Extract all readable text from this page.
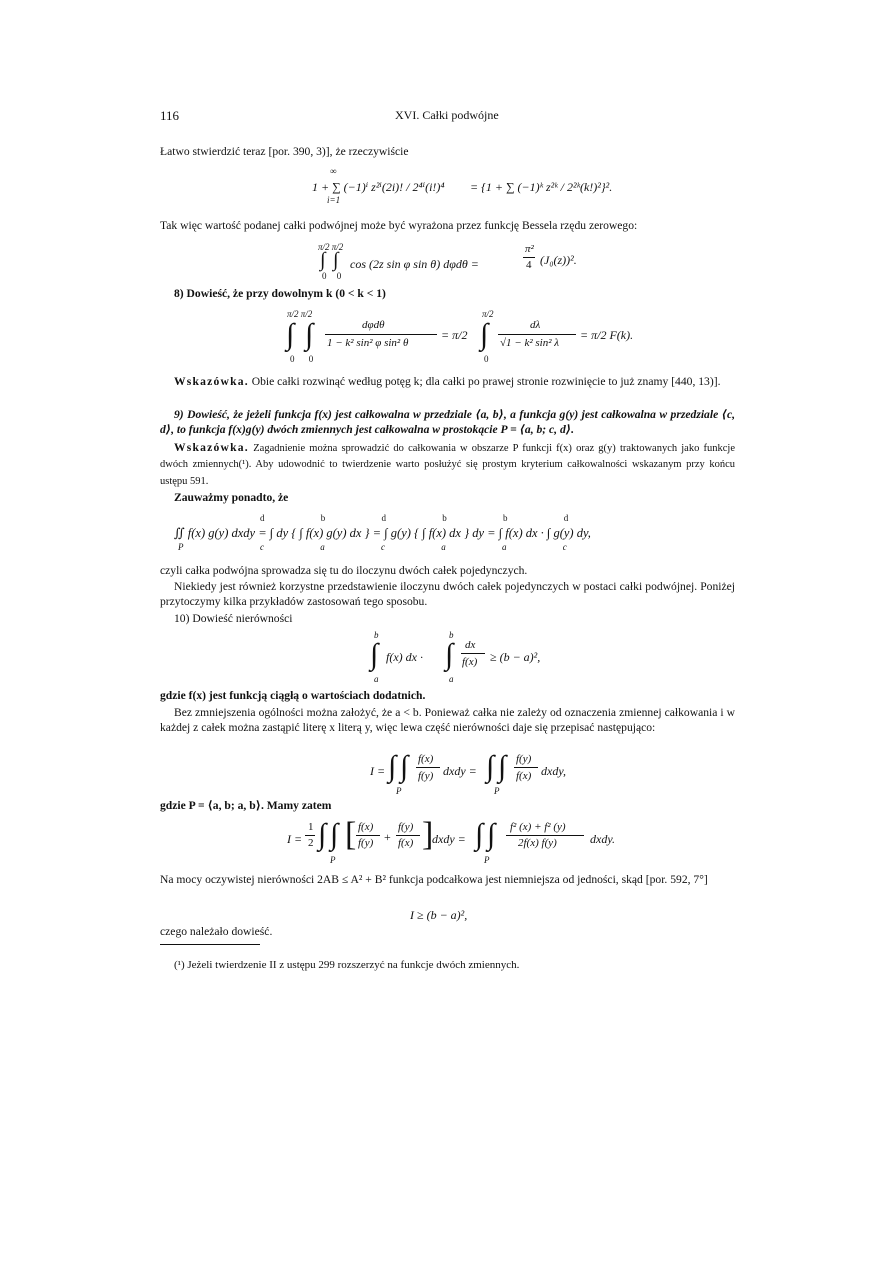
116	XVI. Całki podwójne
Łatwo stwierdzić teraz [por. 390, 3)], że rzeczywiście
∞
1 + ∑ (−1)ⁱ z²ⁱ(2i)! / 2⁴ⁱ(i!)⁴
i=1
= {1 + ∑ (−1)ᵏ z²ᵏ / 2²ᵏ(k!)²}².
Tak więc wartość podanej całki podwójnej może być wyrażona przez funkcję Bessela rzędu zerowego:
π/2 π/2
∫ ∫
0 0
cos (2z sin φ sin θ) dφdθ =
π²
4 (J₀(z))².
8) Dowieść, że przy dowolnym k (0 < k < 1)
π/2 π/2
∫ ∫
0 0
dφdθ
1 − k² sin² φ sin² θ
= π/2
π/2
∫
0
dλ
√1 − k² sin² λ
= π/2 F(k).
Wskazówka. Obie całki rozwinąć według potęg k; dla całki po prawej stronie rozwinięcie to już znamy [440, 13)].
9) Dowieść, że jeżeli funkcja f(x) jest całkowalna w przedziale ⟨a, b⟩, a funkcja g(y) jest całkowalna w przedziale ⟨c, d⟩, to funkcja f(x)g(y) dwóch zmiennych jest całkowalna w prostokącie P = ⟨a, b; c, d⟩.
Wskazówka. Zagadnienie można sprowadzić do całkowania w obszarze P funkcji f(x) oraz g(y) traktowanych jako funkcje dwóch zmiennych(¹). Aby udowodnić to twierdzenie warto posłużyć się prostym kryterium całkowalności wskazanym przy końcu ustępu 591.
Zauważmy ponadto, że
d b d b b d
∬ f(x) g(y) dxdy = ∫ dy { ∫ f(x) g(y) dx } = ∫ g(y) { ∫ f(x) dx } dy = ∫ f(x) dx · ∫ g(y) dy,
P	c a c a a c
czyli całka podwójna sprowadza się tu do iloczynu dwóch całek pojedynczych.
Niekiedy jest również korzystne przedstawienie iloczynu dwóch całek pojedynczych w postaci całki podwójnej. Poniżej przytoczymy kilka przykładów zastosowań tego sposobu.
10) Dowieść nierówności
b
∫
a
f(x) dx ·
b
∫
a
dx
f(x) ≥ (b − a)²,
gdzie f(x) jest funkcją ciągłą o wartościach dodatnich.
Bez zmniejszenia ogólności można założyć, że a < b. Ponieważ całka nie zależy od oznaczenia zmiennej całkowania i w każdej z całek można zastąpić literę x literą y, więc lewa część nierówności daje się przepisać następująco:
I = ∫ ∫
P
f(x)
f(y) dxdy = ∫ ∫
P
f(y)
f(x) dxdy,
gdzie P = ⟨a, b; a, b⟩. Mamy zatem
I =
1
2 ∫ ∫
P
[ f(x)
f(y) +
f(y)
f(x) ]
dxdy = ∫ ∫
P
f² (x) + f² (y)
2f(x) f(y)	dxdy.
Na mocy oczywistej nierówności 2AB ≤ A² + B² funkcja podcałkowa jest niemniejsza od jedności, skąd [por. 592, 7°]
I ≥ (b − a)²,
czego należało dowieść.
(¹) Jeżeli twierdzenie II z ustępu 299 rozszerzyć na funkcje dwóch zmiennych.
